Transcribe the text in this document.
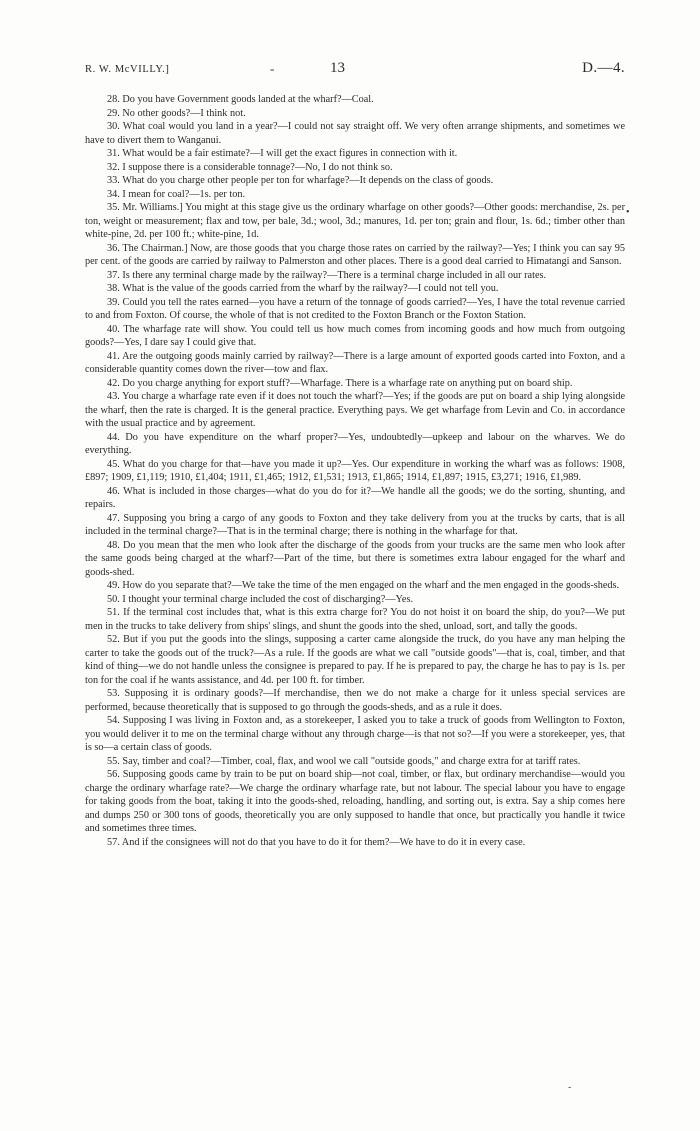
R. W. McVILLY.]	-	13	D.—4.
•

28. Do you have Government goods landed at the wharf?—Coal.

29. No other goods?—I think not.

30. What coal would you land in a year?—I could not say straight off. We very often arrange shipments, and sometimes we have to divert them to Wanganui.

31. What would be a fair estimate?—I will get the exact figures in connection with it.

32. I suppose there is a considerable tonnage?—No, I do not think so.

33. What do you charge other people per ton for wharfage?—It depends on the class of goods.

34. I mean for coal?—1s. per ton.

35. Mr. Williams.] You might at this stage give us the ordinary wharfage on other goods?—Other goods: merchandise, 2s. per ton, weight or measurement; flax and tow, per bale, 3d.; wool, 3d.; manures, 1d. per ton; grain and flour, 1s. 6d.; timber other than white-pine, 2d. per 100 ft.; white-pine, 1d.

36. The Chairman.] Now, are those goods that you charge those rates on carried by the railway?—Yes; I think you can say 95 per cent. of the goods are carried by railway to Palmerston and other places. There is a good deal carried to Himatangi and Sanson.

37. Is there any terminal charge made by the railway?—There is a terminal charge included in all our rates.

38. What is the value of the goods carried from the wharf by the railway?—I could not tell you.

39. Could you tell the rates earned—you have a return of the tonnage of goods carried?—Yes, I have the total revenue carried to and from Foxton. Of course, the whole of that is not credited to the Foxton Branch or the Foxton Station.

40. The wharfage rate will show. You could tell us how much comes from incoming goods and how much from outgoing goods?—Yes, I dare say I could give that.

41. Are the outgoing goods mainly carried by railway?—There is a large amount of exported goods carted into Foxton, and a considerable quantity comes down the river—tow and flax.

42. Do you charge anything for export stuff?—Wharfage. There is a wharfage rate on anything put on board ship.

43. You charge a wharfage rate even if it does not touch the wharf?—Yes; if the goods are put on board a ship lying alongside the wharf, then the rate is charged. It is the general practice. Everything pays. We get wharfage from Levin and Co. in accordance with the usual practice and by agreement.

44. Do you have expenditure on the wharf proper?—Yes, undoubtedly—upkeep and labour on the wharves. We do everything.

45. What do you charge for that—have you made it up?—Yes. Our expenditure in working the wharf was as follows: 1908, £897; 1909, £1,119; 1910, £1,404; 1911, £1,465; 1912, £1,531; 1913, £1,865; 1914, £1,897; 1915, £3,271; 1916, £1,989.

46. What is included in those charges—what do you do for it?—We handle all the goods; we do the sorting, shunting, and repairs.

47. Supposing you bring a cargo of any goods to Foxton and they take delivery from you at the trucks by carts, that is all included in the terminal charge?—That is in the terminal charge; there is nothing in the wharfage for that.

48. Do you mean that the men who look after the discharge of the goods from your trucks are the same men who look after the same goods being charged at the wharf?—Part of the time, but there is sometimes extra labour engaged for the wharf and goods-shed.

49. How do you separate that?—We take the time of the men engaged on the wharf and the men engaged in the goods-sheds.

50. I thought your terminal charge included the cost of discharging?—Yes.

51. If the terminal cost includes that, what is this extra charge for? You do not hoist it on board the ship, do you?—We put men in the trucks to take delivery from ships' slings, and shunt the goods into the shed, unload, sort, and tally the goods.

52. But if you put the goods into the slings, supposing a carter came alongside the truck, do you have any man helping the carter to take the goods out of the truck?—As a rule. If the goods are what we call "outside goods"—that is, coal, timber, and that kind of thing—we do not handle unless the consignee is prepared to pay. If he is prepared to pay, the charge he has to pay is 1s. per ton for the coal if he wants assistance, and 4d. per 100 ft. for timber.

53. Supposing it is ordinary goods?—If merchandise, then we do not make a charge for it unless special services are performed, because theoretically that is supposed to go through the goods-sheds, and as a rule it does.

54. Supposing I was living in Foxton and, as a storekeeper, I asked you to take a truck of goods from Wellington to Foxton, you would deliver it to me on the terminal charge without any through charge—is that not so?—If you were a storekeeper, yes, that is so—a certain class of goods.

55. Say, timber and coal?—Timber, coal, flax, and wool we call "outside goods," and charge extra for at tariff rates.

56. Supposing goods came by train to be put on board ship—not coal, timber, or flax, but ordinary merchandise—would you charge the ordinary wharfage rate?—We charge the ordinary wharfage rate, but not labour. The special labour you have to engage for taking goods from the boat, taking it into the goods-shed, reloading, handling, and sorting out, is extra. Say a ship comes here and dumps 250 or 300 tons of goods, theoretically you are only supposed to handle that once, but practically you handle it twice and sometimes three times.

57. And if the consignees will not do that you have to do it for them?—We have to do it in every case.

-
